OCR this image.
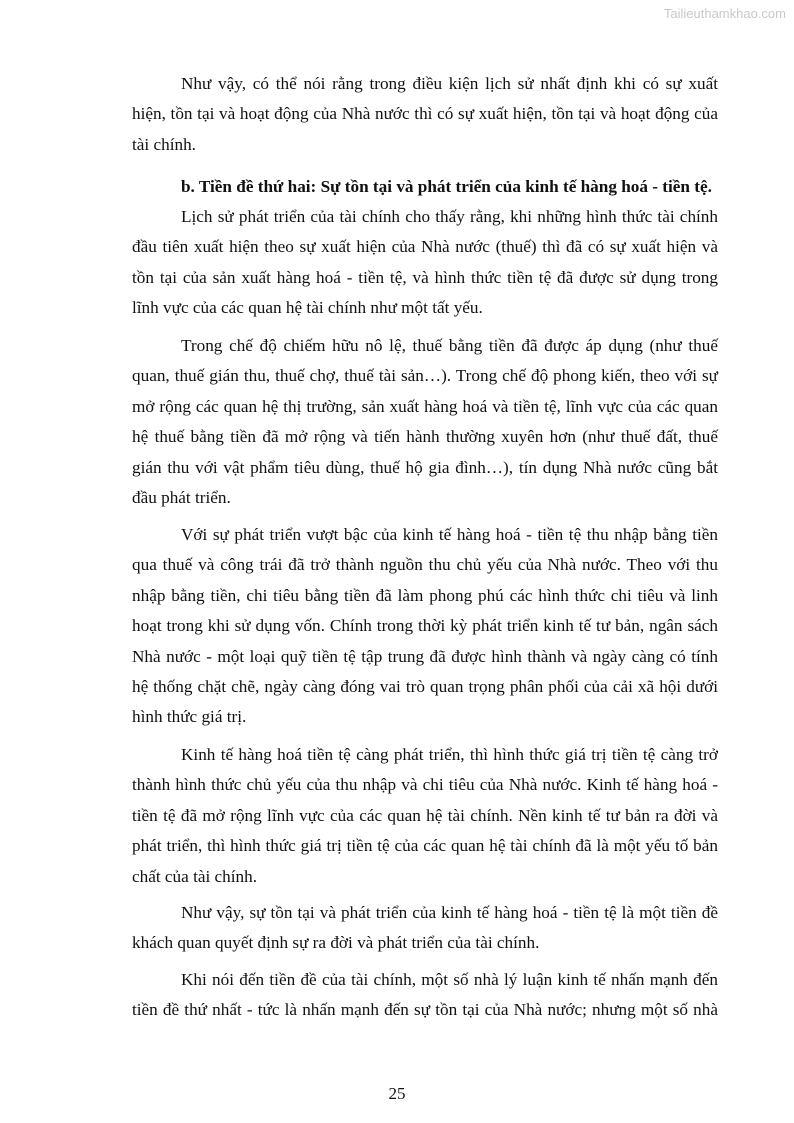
Tailieuthamkhao.com
Như vậy, có thể nói rằng trong điều kiện lịch sử nhất định khi có sự xuất
hiện, tồn tại và hoạt động của Nhà nước thì có sự xuất hiện, tồn tại và hoạt động của
tài chính.
b. Tiền đề thứ hai: Sự tồn tại và phát triển của kinh tế hàng hoá - tiền tệ.
Lịch sử phát triển của tài chính cho thấy rằng, khi những hình thức tài chính
đầu tiên xuất hiện theo sự xuất hiện của Nhà nước (thuế) thì đã có sự xuất hiện và
tồn tại của sản xuất hàng hoá - tiền tệ, và hình thức tiền tệ đã được sử dụng trong
lĩnh vực của các quan hệ tài chính như một tất yếu.
Trong chế độ chiếm hữu nô lệ, thuế bằng tiền đã được áp dụng (như thuế
quan, thuế gián thu, thuế chợ, thuế tài sản…). Trong chế độ phong kiến, theo với sự
mở rộng các quan hệ thị trường, sản xuất hàng hoá và tiền tệ, lĩnh vực của các quan
hệ thuế bằng tiền đã mở rộng và tiến hành thường xuyên hơn (như thuế đất, thuế
gián thu với vật phẩm tiêu dùng, thuế hộ gia đình…), tín dụng Nhà nước cũng bắt
đầu phát triển.
Với sự phát triển vượt bậc của kinh tế hàng hoá - tiền tệ thu nhập bằng tiền
qua thuế và công trái đã trở thành nguồn thu chủ yếu của Nhà nước. Theo với thu
nhập bằng tiền, chi tiêu bằng tiền đã làm phong phú các hình thức chi tiêu và linh
hoạt trong khi sử dụng vốn. Chính trong thời kỳ phát triển kinh tế tư bản, ngân sách
Nhà nước - một loại quỹ tiền tệ tập trung đã được hình thành và ngày càng có tính
hệ thống chặt chẽ, ngày càng đóng vai trò quan trọng phân phối của cải xã hội dưới
hình thức giá trị.
Kinh tế hàng hoá tiền tệ càng phát triển, thì hình thức giá trị tiền tệ càng trở
thành hình thức chủ yếu của thu nhập và chi tiêu của Nhà nước. Kinh tế hàng hoá -
tiền tệ đã mở rộng lĩnh vực của các quan hệ tài chính. Nền kinh tế tư bản ra đời và
phát triển, thì hình thức giá trị tiền tệ của các quan hệ tài chính đã là một yếu tố bản
chất của tài chính.
Như vậy, sự tồn tại và phát triển của kinh tế hàng hoá - tiền tệ là một tiền đề
khách quan quyết định sự ra đời và phát triển của tài chính.
Khi nói đến tiền đề của tài chính, một số nhà lý luận kinh tế nhấn mạnh đến
tiền đề thứ nhất - tức là nhấn mạnh đến sự tồn tại của Nhà nước; nhưng một số nhà
25
